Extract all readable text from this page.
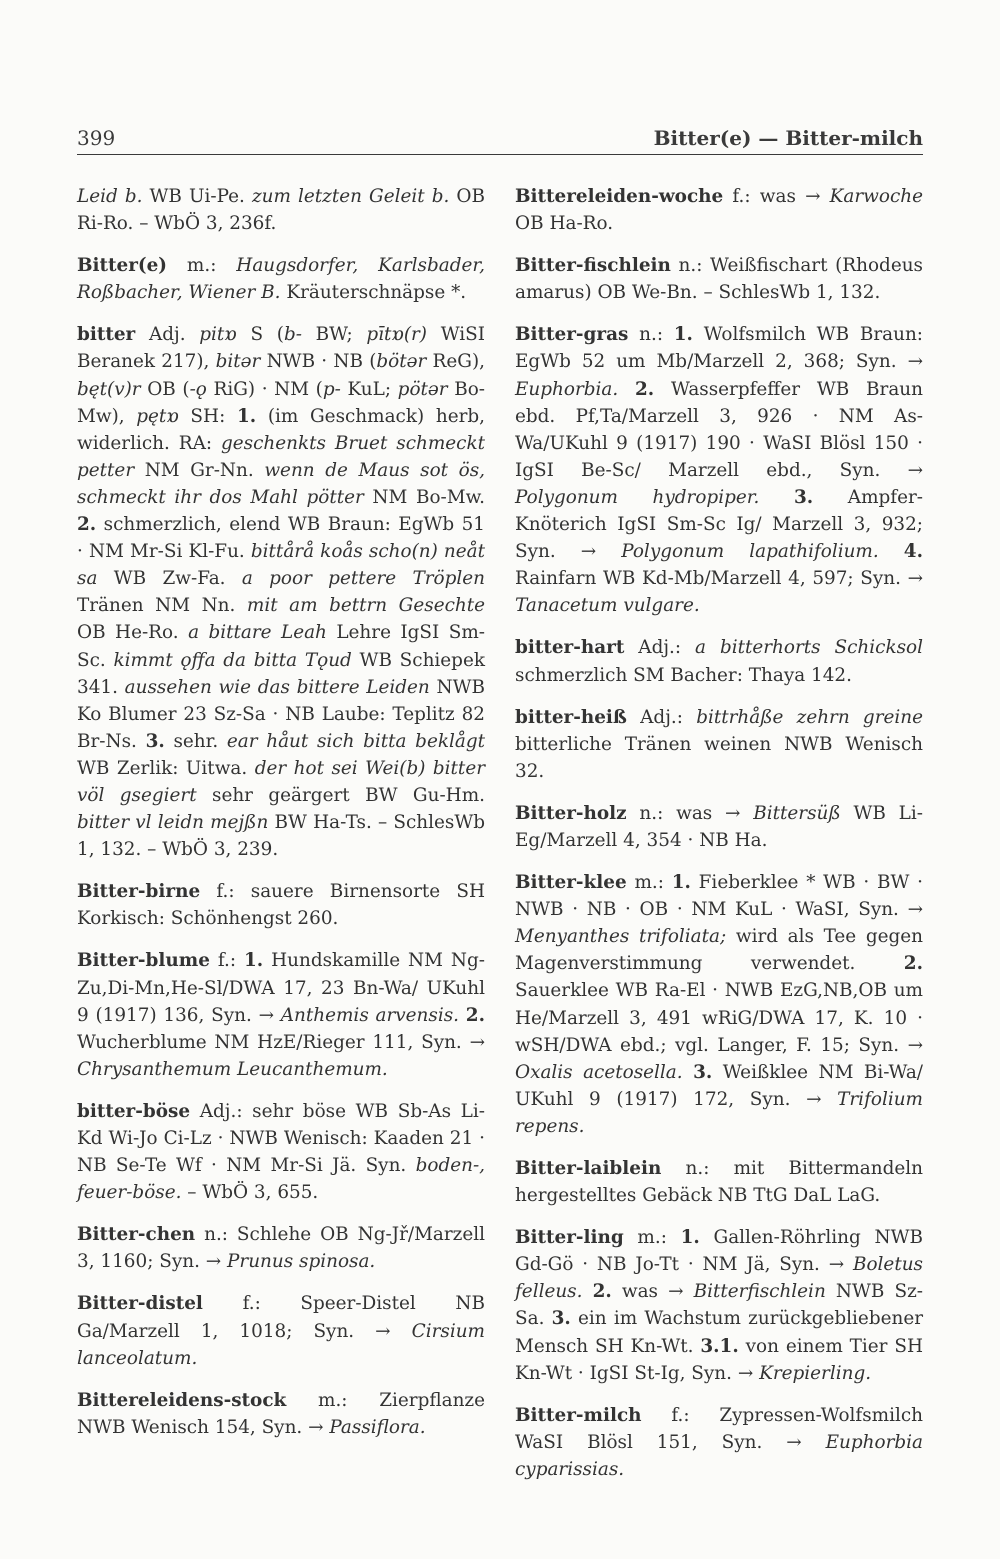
399	Bitter(e) — Bitter-milch

Leid b. WB Ui-Pe. zum letzten Geleit b. OB Ri-Ro. – WbÖ 3, 236f.

Bitter(e) m.: Haugsdorfer, Karlsbader, Roßbacher, Wiener B. Kräuterschnäpse *.

bitter Adj. pitɒ S (b- BW; pītɒ(r) WiSI Beranek 217), bitər NWB · NB (bötər ReG), bęt(v)r OB (-ǫ RiG) · NM (p- KuL; pötər Bo-Mw), pętɒ SH: 1. (im Geschmack) herb, widerlich. RA: geschenkts Bruet schmeckt petter NM Gr-Nn. wenn de Maus sot ös, schmeckt ihr dos Mahl pötter NM Bo-Mw. 2. schmerzlich, elend WB Braun: EgWb 51 · NM Mr-Si Kl-Fu. bittårå koås scho(n) neåt sa WB Zw-Fa. a poor pettere Tröplen Tränen NM Nn. mit am bettrn Gesechte OB He-Ro. a bittare Leah Lehre IgSI Sm-Sc. kimmt ǫffa da bitta Tǫud WB Schiepek 341. aussehen wie das bittere Leiden NWB Ko Blumer 23 Sz-Sa · NB Laube: Teplitz 82 Br-Ns. 3. sehr. ear håut sich bitta beklågt WB Zerlik: Uitwa. der hot sei Wei(b) bitter völ gsegiert sehr geärgert BW Gu-Hm. bitter vl leidn mejßn BW Ha-Ts. – SchlesWb 1, 132. – WbÖ 3, 239.

Bitter-birne f.: sauere Birnensorte SH Korkisch: Schönhengst 260.

Bitter-blume f.: 1. Hundskamille NM Ng-Zu,Di-Mn,He-Sl/DWA 17, 23 Bn-Wa/ UKuhl 9 (1917) 136, Syn. → Anthemis arvensis. 2. Wucherblume NM HzE/Rieger 111, Syn. → Chrysanthemum Leucanthemum.

bitter-böse Adj.: sehr böse WB Sb-As Li-Kd Wi-Jo Ci-Lz · NWB Wenisch: Kaaden 21 · NB Se-Te Wf · NM Mr-Si Jä. Syn. boden-, feuer-böse. – WbÖ 3, 655.

Bitter-chen n.: Schlehe OB Ng-Jř/Marzell 3, 1160; Syn. → Prunus spinosa.

Bitter-distel f.: Speer-Distel NB Ga/Marzell 1, 1018; Syn. → Cirsium lanceolatum.

Bittereleidens-stock m.: Zierpflanze NWB Wenisch 154, Syn. → Passiflora.

Bittereleiden-woche f.: was → Karwoche OB Ha-Ro.

Bitter-fischlein n.: Weißfischart (Rhodeus amarus) OB We-Bn. – SchlesWb 1, 132.

Bitter-gras n.: 1. Wolfsmilch WB Braun: EgWb 52 um Mb/Marzell 2, 368; Syn. → Euphorbia. 2. Wasserpfeffer WB Braun ebd. Pf,Ta/Marzell 3, 926 · NM As-Wa/UKuhl 9 (1917) 190 · WaSI Blösl 150 · IgSI Be-Sc/ Marzell ebd., Syn. → Polygonum hydropiper. 3. Ampfer-Knöterich IgSI Sm-Sc Ig/ Marzell 3, 932; Syn. → Polygonum lapathifolium. 4. Rainfarn WB Kd-Mb/Marzell 4, 597; Syn. → Tanacetum vulgare.

bitter-hart Adj.: a bitterhorts Schicksol schmerzlich SM Bacher: Thaya 142.

bitter-heiß Adj.: bittrhåße zehrn greine bitterliche Tränen weinen NWB Wenisch 32.

Bitter-holz n.: was → Bittersüß WB Li-Eg/Marzell 4, 354 · NB Ha.

Bitter-klee m.: 1. Fieberklee * WB · BW · NWB · NB · OB · NM KuL · WaSI, Syn. → Menyanthes trifoliata; wird als Tee gegen Magenverstimmung verwendet. 2. Sauerklee WB Ra-El · NWB EzG,NB,OB um He/Marzell 3, 491 wRiG/DWA 17, K. 10 · wSH/DWA ebd.; vgl. Langer, F. 15; Syn. → Oxalis acetosella. 3. Weißklee NM Bi-Wa/ UKuhl 9 (1917) 172, Syn. → Trifolium repens.

Bitter-laiblein n.: mit Bittermandeln hergestelltes Gebäck NB TtG DaL LaG.

Bitter-ling m.: 1. Gallen-Röhrling NWB Gd-Gö · NB Jo-Tt · NM Jä, Syn. → Boletus felleus. 2. was → Bitterfischlein NWB Sz-Sa. 3. ein im Wachstum zurückgebliebener Mensch SH Kn-Wt. 3.1. von einem Tier SH Kn-Wt · IgSI St-Ig, Syn. → Krepierling.

Bitter-milch f.: Zypressen-Wolfsmilch WaSI Blösl 151, Syn. → Euphorbia cyparissias.
